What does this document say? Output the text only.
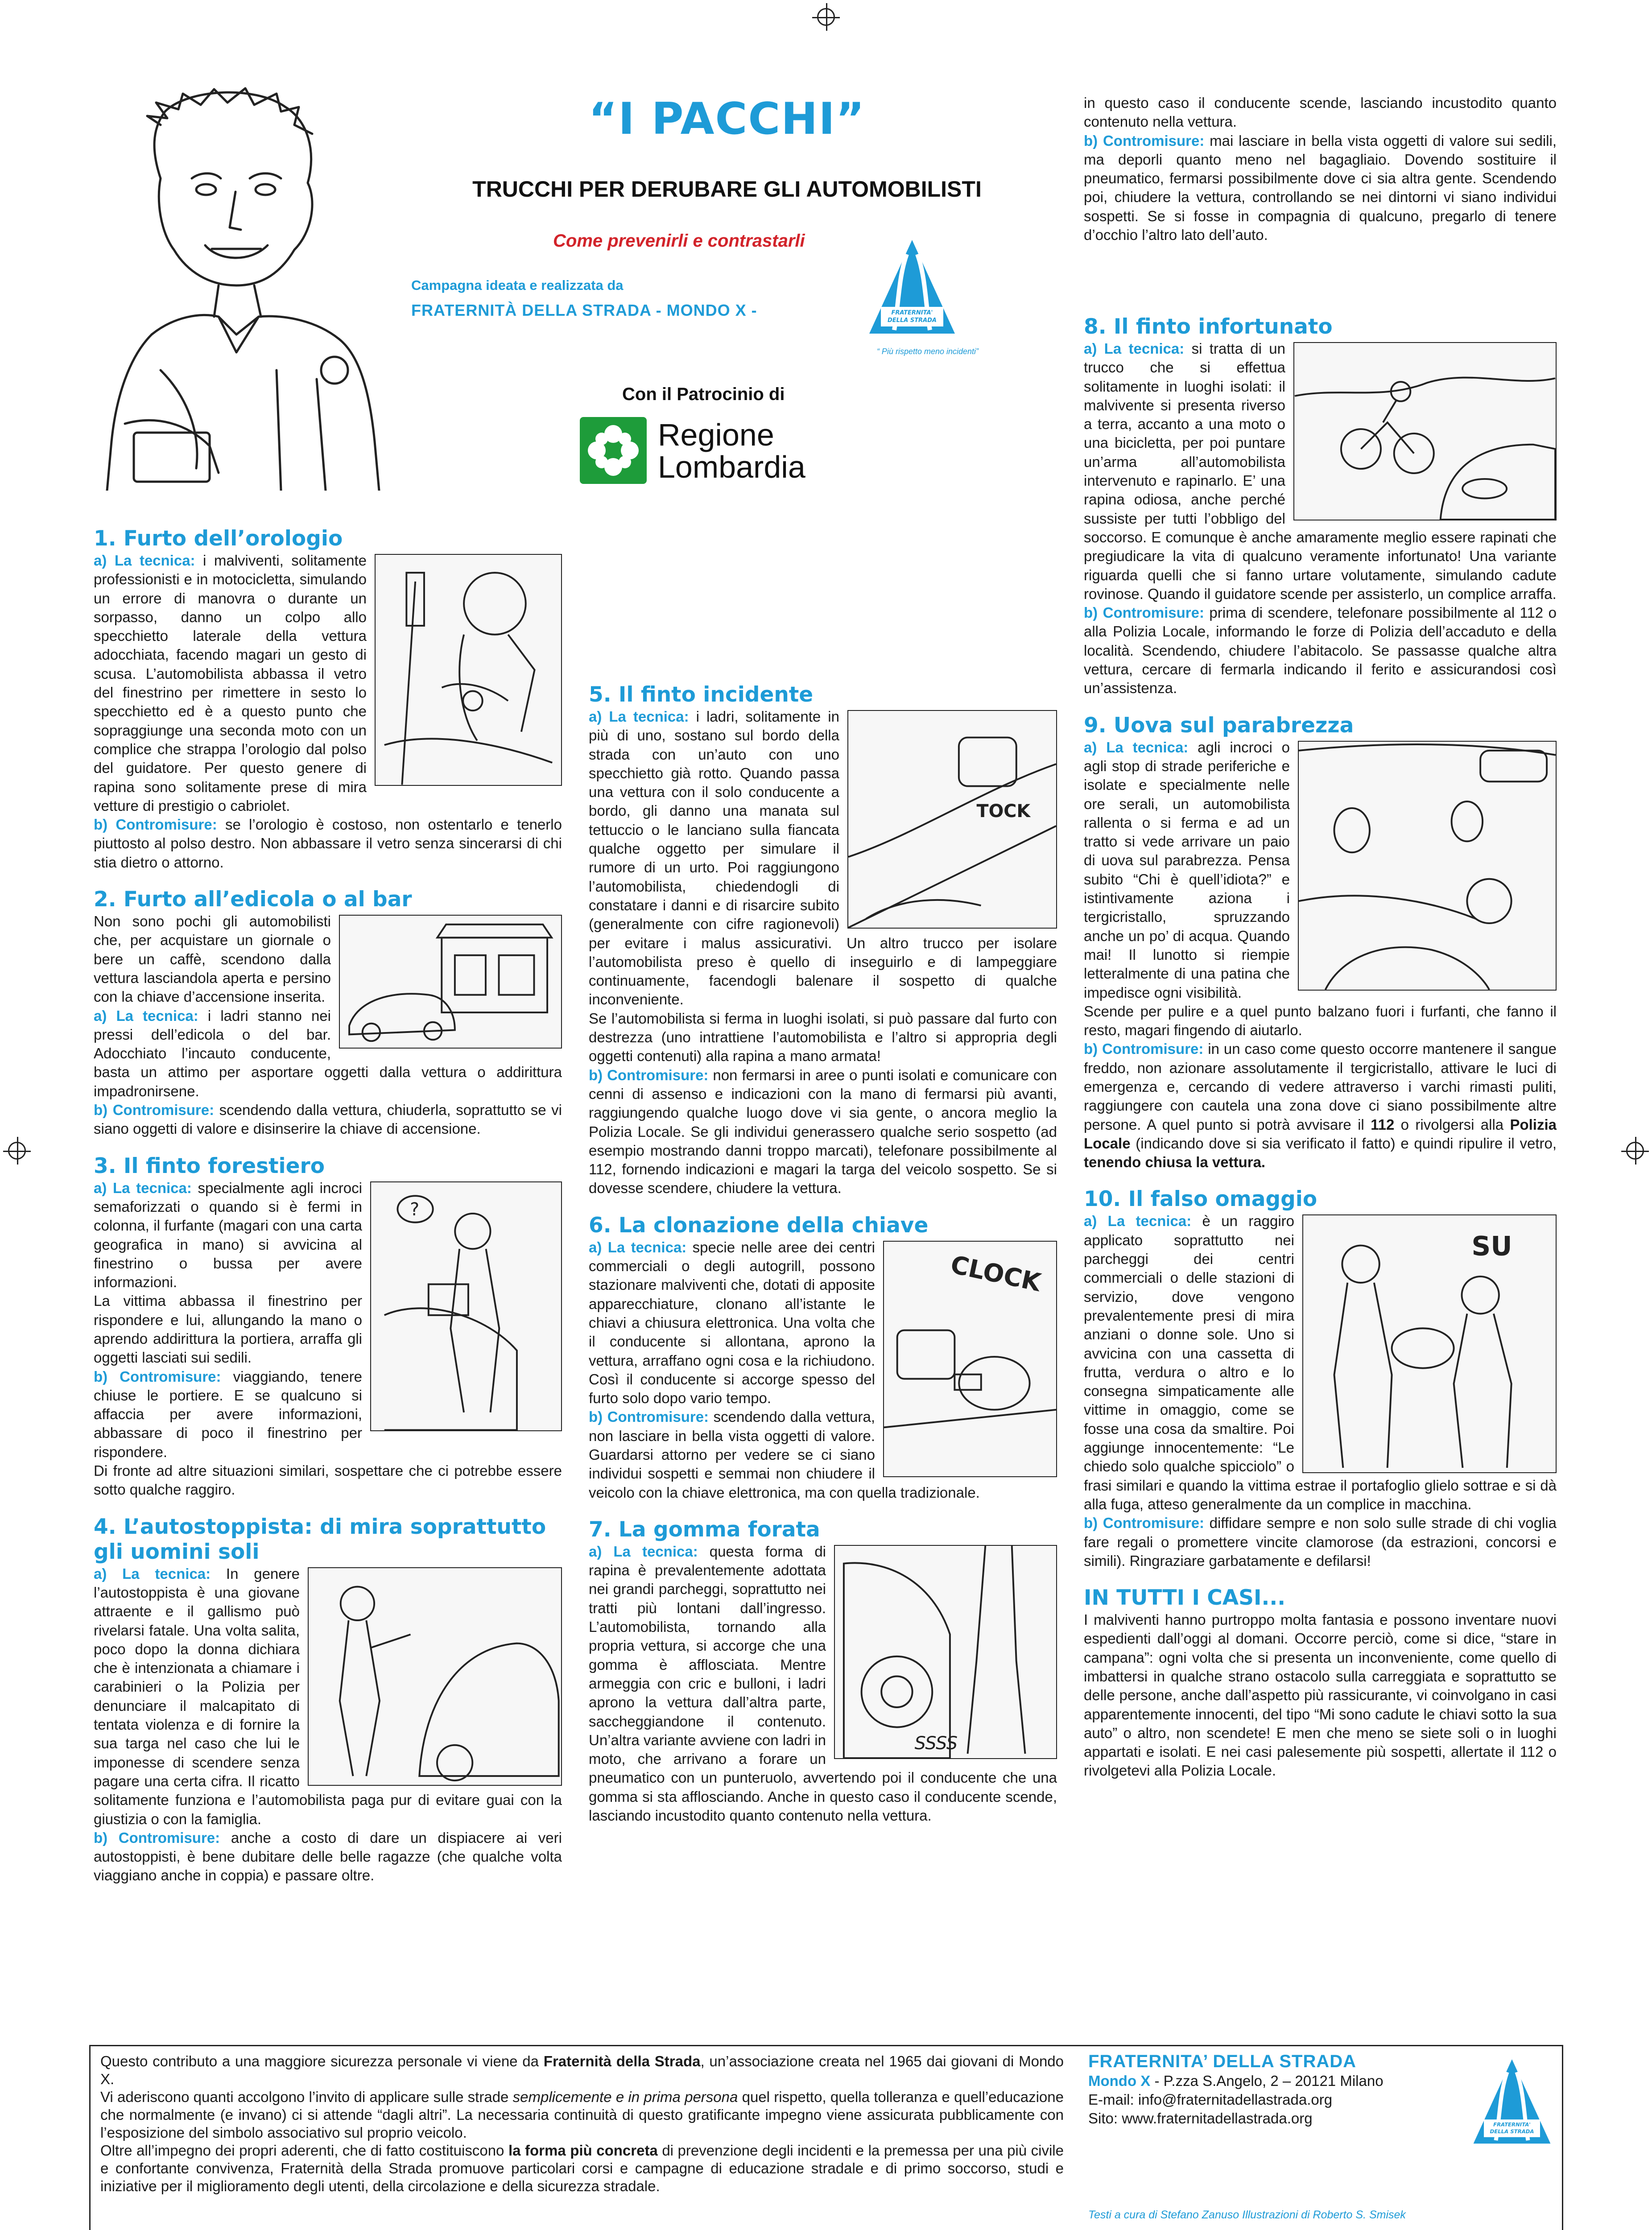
“I PACCHI”
TRUCCHI PER DERUBARE GLI AUTOMOBILISTI
Come prevenirli e contrastarli
Campagna ideata e realizzata da
FRATERNITÀ DELLA STRADA - MONDO X -	FRATERNITA'
DELLA STRADA
“ Più rispetto meno incidenti”
Con il Patrocinio di
Regione
Lombardia
1. Furto dell’orologio

a) La tecnica: i malviventi, solitamente professionisti e in motocicletta, simulando un errore di manovra o durante un sorpasso, danno un colpo allo specchietto laterale della vettura adocchiata, facendo magari un gesto di scusa. L’automobilista abbassa il vetro del finestrino per rimettere in sesto lo specchietto ed è a questo punto che sopraggiunge una seconda moto con un complice che strappa l’orologio dal polso del guidatore. Per questo genere di rapina sono solitamente prese di mira vetture di prestigio o cabriolet.

b) Contromisure: se l’orologio è costoso, non ostentarlo e tenerlo piuttosto al polso destro. Non abbassare il vetro senza sincerarsi di chi stia dietro o attorno.

2. Furto all’edicola o al bar

Non sono pochi gli automobilisti che, per acquistare un giornale o bere un caffè, scendono dalla vettura lasciandola aperta e persino con la chiave d’accensione inserita.

a) La tecnica: i ladri stanno nei pressi dell’edicola o del bar. Adocchiato l’incauto conducente, basta un attimo per asportare oggetti dalla vettura o addirittura impadronirsene.

b) Contromisure: scendendo dalla vettura, chiuderla, soprattutto se vi siano oggetti di valore e disinserire la chiave di accensione.

3. Il finto forestiero
?

a) La tecnica: specialmente agli incroci semaforizzati o quando si è fermi in colonna, il furfante (magari con una carta geografica in mano) si avvicina al finestrino o bussa per avere informazioni.

La vittima abbassa il finestrino per rispondere e lui, allungando la mano o aprendo addirittura la portiera, arraffa gli oggetti lasciati sui sedili.

b) Contromisure: viaggiando, tenere chiuse le portiere. E se qualcuno si affaccia per avere informazioni, abbassare di poco il finestrino per rispondere.

Di fronte ad altre situazioni similari, sospettare che ci potrebbe essere sotto qualche raggiro.

4. L’autostoppista: di mira soprattutto gli uomini soli

a) La tecnica: In genere l’autostoppista è una giovane attraente e il gallismo può rivelarsi fatale. Una volta salita, poco dopo la donna dichiara che è intenzionata a chiamare i carabinieri o la Polizia per denunciare il malcapitato di tentata violenza e di fornire la sua targa nel caso che lui le imponesse di scendere senza pagare una certa cifra. Il ricatto solitamente funziona e l’automobilista paga pur di evitare guai con la giustizia o con la famiglia.

b) Contromisure: anche a costo di dare un dispiacere ai veri autostoppisti, è bene dubitare delle belle ragazze (che qualche volta viaggiano anche in coppia) e passare oltre.

5. Il finto incidente
TOCK

a) La tecnica: i ladri, solitamente in più di uno, sostano sul bordo della strada con un’auto con uno specchietto già rotto. Quando passa una vettura con il solo conducente a bordo, gli danno una manata sul tettuccio o le lanciano sulla fiancata qualche oggetto per simulare il rumore di un urto. Poi raggiungono l’automobilista, chiedendogli di constatare i danni e di risarcire subito (generalmente con cifre ragionevoli) per evitare i malus assicurativi. Un altro trucco per isolare l’automobilista preso è quello di inseguirlo e di lampeggiare continuamente, facendogli balenare il sospetto di qualche inconveniente.

Se l’automobilista si ferma in luoghi isolati, si può passare dal furto con destrezza (uno intrattiene l’automobilista e l’altro si appropria degli oggetti contenuti) alla rapina a mano armata!

b) Contromisure: non fermarsi in aree o punti isolati e comunicare con cenni di assenso e indicazioni con la mano di fermarsi più avanti, raggiungendo qualche luogo dove vi sia gente, o ancora meglio la Polizia Locale. Se gli individui generassero qualche serio sospetto (ad esempio mostrando danni troppo marcati), telefonare possibilmente al 112, fornendo indicazioni e magari la targa del veicolo sospetto. Se si dovesse scendere, chiudere la vettura.

6. La clonazione della chiave
CLOCK

a) La tecnica: specie nelle aree dei centri commerciali o degli autogrill, possono stazionare malviventi che, dotati di apposite apparecchiature, clonano all’istante le chiavi a chiusura elettronica. Una volta che il conducente si allontana, aprono la vettura, arraffano ogni cosa e la richiudono. Così il conducente si accorge spesso del furto solo dopo vario tempo.

b) Contromisure: scendendo dalla vettura, non lasciare in bella vista oggetti di valore. Guardarsi attorno per vedere se ci siano individui sospetti e semmai non chiudere il veicolo con la chiave elettronica, ma con quella tradizionale.

7. La gomma forata
SSSS

a) La tecnica: questa forma di rapina è prevalentemente adottata nei grandi parcheggi, soprattutto nei tratti più lontani dall’ingresso. L’automobilista, tornando alla propria vettura, si accorge che una gomma è afflosciata. Mentre armeggia con cric e bulloni, i ladri aprono la vettura dall’altra parte, saccheggiandone il contenuto. Un’altra variante avviene con ladri in moto, che arrivano a forare un pneumatico con un punteruolo, avvertendo poi il conducente che una gomma si sta afflosciando. Anche in questo caso il conducente scende, lasciando incustodito quanto contenuto nella vettura.

in questo caso il conducente scende, lasciando incustodito quanto contenuto nella vettura.

b) Contromisure: mai lasciare in bella vista oggetti di valore sui sedili, ma deporli quanto meno nel bagagliaio. Dovendo sostituire il pneumatico, fermarsi possibilmente dove ci sia altra gente. Scendendo poi, chiudere la vettura, controllando se nei dintorni vi siano individui sospetti. Se si fosse in compagnia di qualcuno, pregarlo di tenere d’occhio l’altro lato dell’auto.

8. Il finto infortunato

a) La tecnica: si tratta di un trucco che si effettua solitamente in luoghi isolati: il malvivente si presenta riverso a terra, accanto a una moto o una bicicletta, per poi puntare un’arma all’automobilista intervenuto e rapinarlo. E’ una rapina odiosa, anche perché sussiste per tutti l’obbligo del soccorso. E comunque è anche amaramente meglio essere rapinati che pregiudicare la vita di qualcuno veramente infortunato! Una variante riguarda quelli che si fanno urtare volutamente, simulando cadute rovinose. Quando il guidatore scende per assisterlo, un complice arraffa.

b) Contromisure: prima di scendere, telefonare possibilmente al 112 o alla Polizia Locale, informando le forze di Polizia dell’accaduto e della località. Scendendo, chiudere l’abitacolo. Se passasse qualche altra vettura, cercare di fermarla indicando il ferito e assicurandosi così un’assistenza.

9. Uova sul parabrezza

a) La tecnica: agli incroci o agli stop di strade periferiche e isolate e specialmente nelle ore serali, un automobilista rallenta o si ferma e ad un tratto si vede arrivare un paio di uova sul parabrezza. Pensa subito “Chi è quell’idiota?” e istintivamente aziona i tergicristallo, spruzzando anche un po’ di acqua. Quando mai! Il lunotto si riempie letteralmente di una patina che impedisce ogni visibilità.

Scende per pulire e a quel punto balzano fuori i furfanti, che fanno il resto, magari fingendo di aiutarlo.

b) Contromisure: in un caso come questo occorre mantenere il sangue freddo, non azionare assolutamente il tergicristallo, attivare le luci di emergenza e, cercando di vedere attraverso i varchi rimasti puliti, raggiungere con cautela una zona dove ci siano possibilmente altre persone. A quel punto si potrà avvisare il 112 o rivolgersi alla Polizia Locale (indicando dove si sia verificato il fatto) e quindi ripulire il vetro, tenendo chiusa la vettura.

10. Il falso omaggio
SU

a) La tecnica: è un raggiro applicato soprattutto nei parcheggi dei centri commerciali o delle stazioni di servizio, dove vengono prevalentemente presi di mira anziani o donne sole. Uno si avvicina con una cassetta di frutta, verdura o altro e lo consegna simpaticamente alle vittime in omaggio, come se fosse una cosa da smaltire. Poi aggiunge innocentemente: “Le chiedo solo qualche spicciolo” o frasi similari e quando la vittima estrae il portafoglio glielo sottrae e si dà alla fuga, atteso generalmente da un complice in macchina.

b) Contromisure: diffidare sempre e non solo sulle strade di chi voglia fare regali o promettere vincite clamorose (da estrazioni, concorsi e simili). Ringraziare garbatamente e defilarsi!

IN TUTTI I CASI...

I malviventi hanno purtroppo molta fantasia e possono inventare nuovi espedienti dall’oggi al domani. Occorre perciò, come si dice, “stare in campana”: ogni volta che si presenta un inconveniente, come quello di imbattersi in qualche strano ostacolo sulla carreggiata e soprattutto se delle persone, anche dall’aspetto più rassicurante, vi coinvolgano in casi apparentemente innocenti, del tipo “Mi sono cadute le chiavi sotto la sua auto” o altro, non scendete! E men che meno se siete soli o in luoghi appartati e isolati. E nei casi palesemente più sospetti, allertate il 112 o rivolgetevi alla Polizia Locale.

Questo contributo a una maggiore sicurezza personale vi viene da Fraternità della Strada, un’associazione creata nel 1965 dai giovani di Mondo X.

Vi aderiscono quanti accolgono l’invito di applicare sulle strade semplicemente e in prima persona quel rispetto, quella tolleranza e quell’educazione che normalmente (e invano) ci si attende “dagli altri”. La necessaria continuità di questo gratificante impegno viene assicurata pubblicamente con l’esposizione del simbolo associativo sul proprio veicolo.

Oltre all’impegno dei propri aderenti, che di fatto costituiscono la forma più concreta di prevenzione degli incidenti e la premessa per una più civile e confortante convivenza, Fraternità della Strada promuove particolari corsi e campagne di educazione stradale e di primo soccorso, studi e iniziative per il miglioramento degli utenti, della circolazione e della sicurezza stradale.

FRATERNITA’ DELLA STRADA
Mondo X - P.zza S.Angelo, 2 – 20121 Milano
E-mail: info@fraternitadellastrada.org
Sito: www.fraternitadellastrada.org	FRATERNITA'
DELLA STRADA
Testi a cura di Stefano Zanuso Illustrazioni di Roberto S. Smisek
